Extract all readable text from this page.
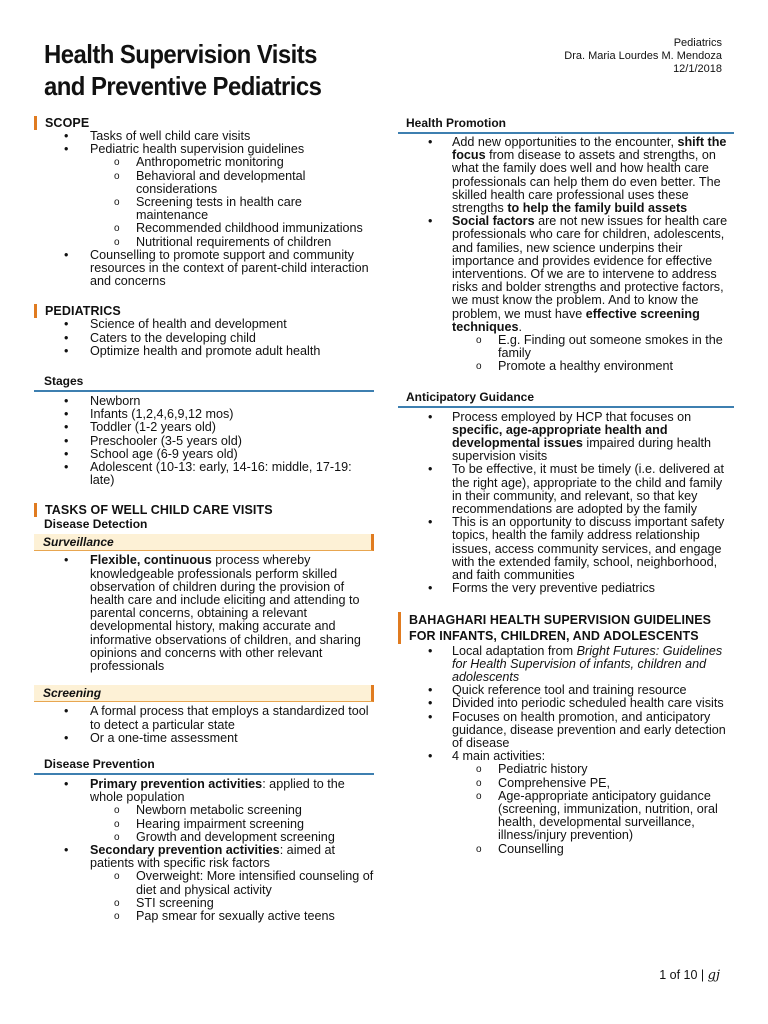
Health Supervision Visits
and Preventive Pediatrics
Pediatrics
Dra. Maria Lourdes M. Mendoza
12/1/2018
SCOPE
• Tasks of well child care visits
• Pediatric health supervision guidelines
o Anthropometric monitoring
o Behavioral and developmental considerations
o Screening tests in health care maintenance
o Recommended childhood immunizations
o Nutritional requirements of children
• Counselling to promote support and community resources in the context of parent-child interaction and concerns
PEDIATRICS
• Science of health and development
• Caters to the developing child
• Optimize health and promote adult health
Stages
• Newborn
• Infants (1,2,4,6,9,12 mos)
• Toddler (1-2 years old)
• Preschooler (3-5 years old)
• School age (6-9 years old)
• Adolescent (10-13: early, 14-16: middle, 17-19: late)
TASKS OF WELL CHILD CARE VISITS
Disease Detection
Surveillance
• Flexible, continuous process whereby knowledgeable professionals perform skilled observation of children during the provision of health care and include eliciting and attending to parental concerns, obtaining a relevant developmental history, making accurate and informative observations of children, and sharing opinions and concerns with other relevant professionals
Screening
• A formal process that employs a standardized tool to detect a particular state
• Or a one-time assessment
Disease Prevention
• Primary prevention activities: applied to the whole population
o Newborn metabolic screening
o Hearing impairment screening
o Growth and development screening
• Secondary prevention activities: aimed at patients with specific risk factors
o Overweight: More intensified counseling of diet and physical activity
o STI screening
o Pap smear for sexually active teens
Health Promotion
• Add new opportunities to the encounter, shift the focus from disease to assets and strengths, on what the family does well and how health care professionals can help them do even better. The skilled health care professional uses these strengths to help the family build assets
• Social factors are not new issues for health care professionals who care for children, adolescents, and families, new science underpins their importance and provides evidence for effective interventions. Of we are to intervene to address risks and bolder strengths and protective factors, we must know the problem. And to know the problem, we must have effective screening techniques.
o E.g. Finding out someone smokes in the family
o Promote a healthy environment
Anticipatory Guidance
• Process employed by HCP that focuses on specific, age-appropriate health and developmental issues impaired during health supervision visits
• To be effective, it must be timely (i.e. delivered at the right age), appropriate to the child and family in their community, and relevant, so that key recommendations are adopted by the family
• This is an opportunity to discuss important safety topics, health the family address relationship issues, access community services, and engage with the extended family, school, neighborhood, and faith communities
• Forms the very preventive pediatrics
BAHAGHARI HEALTH SUPERVISION GUIDELINES FOR INFANTS, CHILDREN, AND ADOLESCENTS
• Local adaptation from Bright Futures: Guidelines for Health Supervision of infants, children and adolescents
• Quick reference tool and training resource
• Divided into periodic scheduled health care visits
• Focuses on health promotion, and anticipatory guidance, disease prevention and early detection of disease
• 4 main activities:
o Pediatric history
o Comprehensive PE,
o Age-appropriate anticipatory guidance (screening, immunization, nutrition, oral health, developmental surveillance, illness/injury prevention)
o Counselling
1 of 10 | gj
